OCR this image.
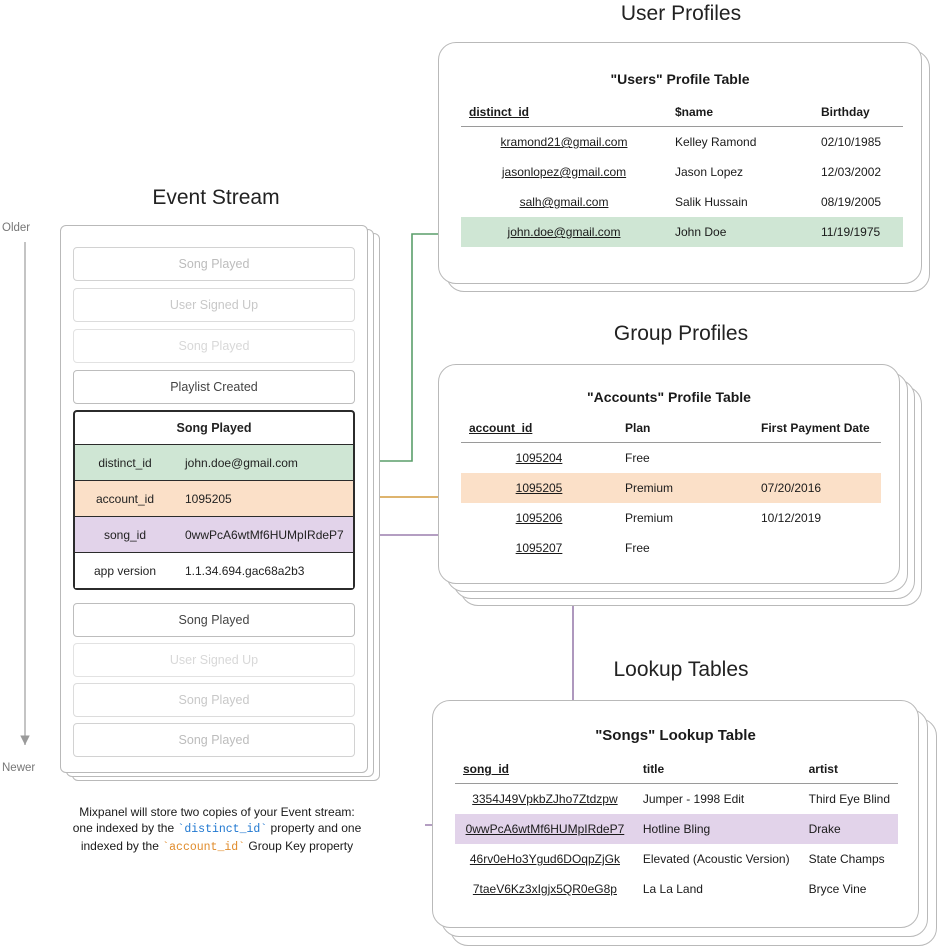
Event Stream
Older
Newer
Song Played
User Signed Up
Song Played
Playlist Created
Song Played
distinct_id	john.doe@gmail.com
account_id	1095205
song_id	0wwPcA6wtMf6HUMpIRdeP7
app version	1.1.34.694.gac68a2b3
Song Played
User Signed Up
Song Played
Song Played
Mixpanel will store two copies of your Event stream:
one indexed by the `distinct_id` property and one
indexed by the `account_id` Group Key property
User Profiles
"Users" Profile Table
distinct_id	$name	Birthday
kramond21@gmail.com	Kelley Ramond	02/10/1985
jasonlopez@gmail.com	Jason Lopez	12/03/2002
salh@gmail.com	Salik Hussain	08/19/2005
john.doe@gmail.com	John Doe	11/19/1975
Group Profiles
"Accounts" Profile Table
account_id	Plan	First Payment Date
1095204	Free	
1095205	Premium	07/20/2016
1095206	Premium	10/12/2019
1095207	Free	
Lookup Tables
"Songs" Lookup Table
song_id	title	artist
3354J49VpkbZJho7Ztdzpw	Jumper - 1998 Edit	Third Eye Blind
0wwPcA6wtMf6HUMpIRdeP7	Hotline Bling	Drake
46rv0eHo3Ygud6DOqpZjGk	Elevated (Acoustic Version)	State Champs
7taeV6Kz3xIgjx5QR0eG8p	La La Land	Bryce Vine
